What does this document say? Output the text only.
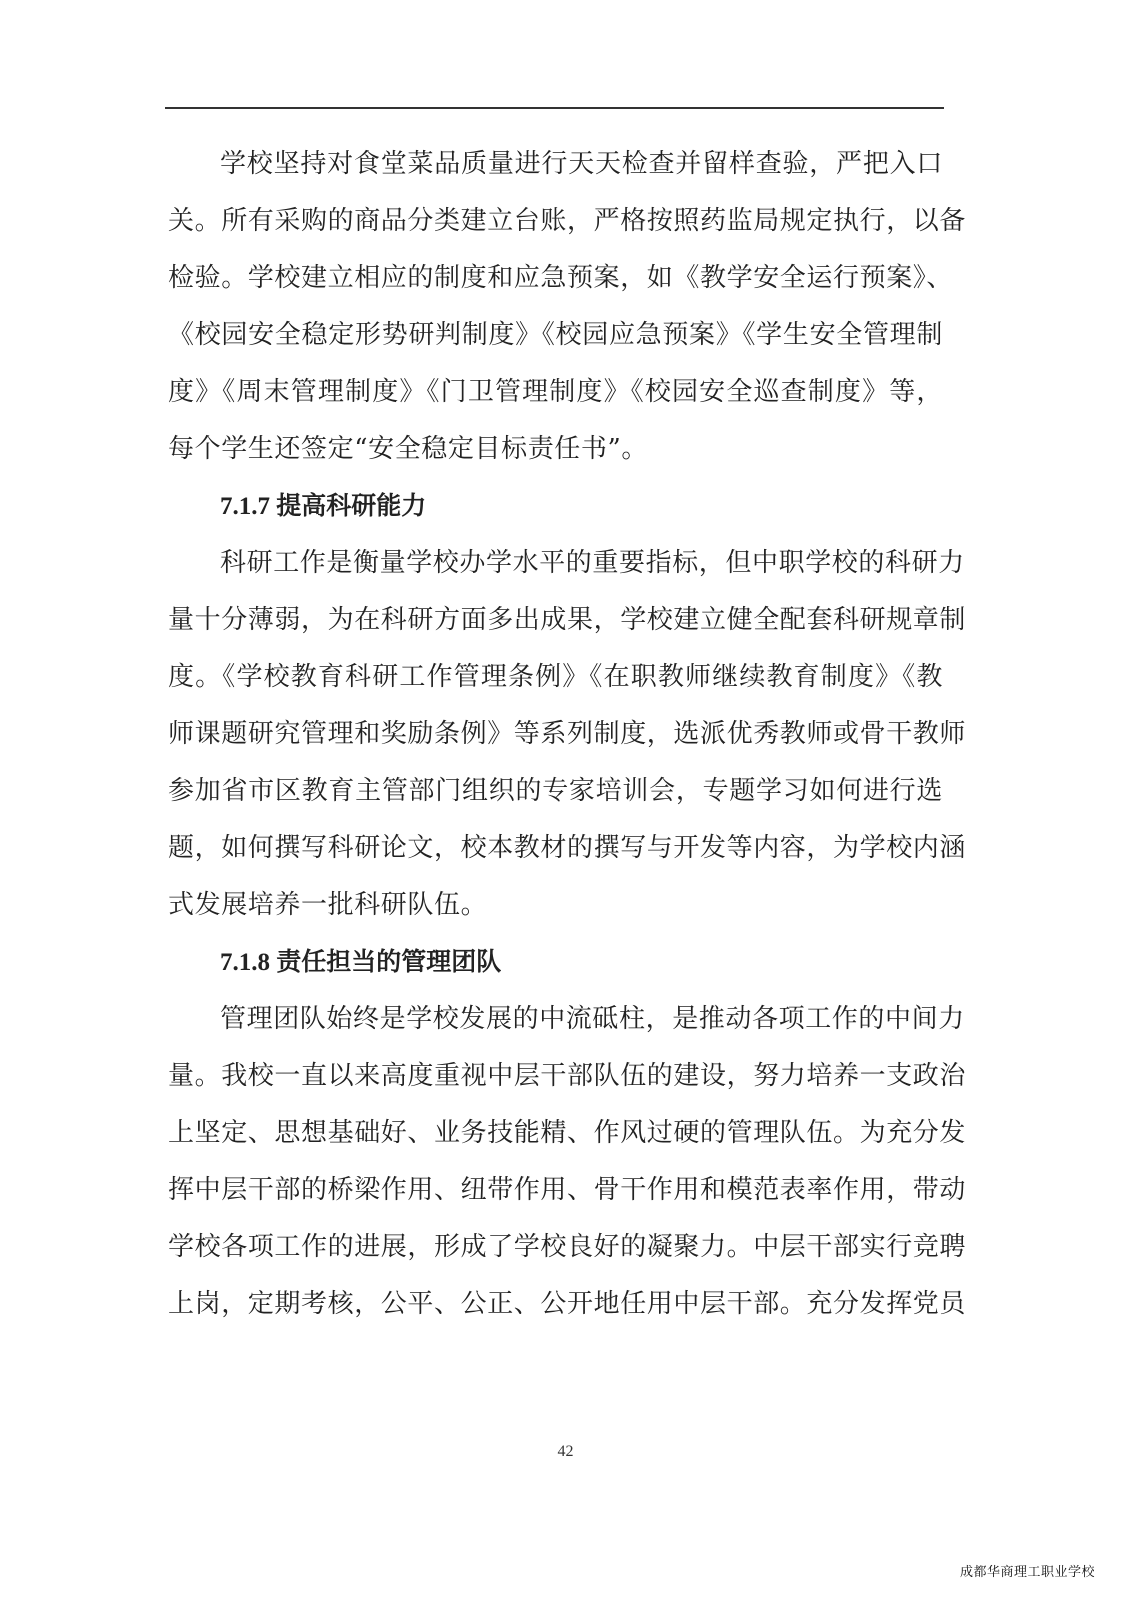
学校坚持对食堂菜品质量进行天天检查并留样查验，严把入口
关。所有采购的商品分类建立台账，严格按照药监局规定执行，以备
检验。学校建立相应的制度和应急预案，如《教学安全运行预案》、
《校园安全稳定形势研判制度》《校园应急预案》《学生安全管理制
度》《周末管理制度》《门卫管理制度》《校园安全巡查制度》等，
每个学生还签定“安全稳定目标责任书”。

7.1.7 提高科研能力

科研工作是衡量学校办学水平的重要指标，但中职学校的科研力
量十分薄弱，为在科研方面多出成果，学校建立健全配套科研规章制
度。《学校教育科研工作管理条例》《在职教师继续教育制度》《教
师课题研究管理和奖励条例》等系列制度，选派优秀教师或骨干教师
参加省市区教育主管部门组织的专家培训会，专题学习如何进行选
题，如何撰写科研论文，校本教材的撰写与开发等内容，为学校内涵
式发展培养一批科研队伍。

7.1.8 责任担当的管理团队

管理团队始终是学校发展的中流砥柱，是推动各项工作的中间力
量。我校一直以来高度重视中层干部队伍的建设，努力培养一支政治
上坚定、思想基础好、业务技能精、作风过硬的管理队伍。为充分发
挥中层干部的桥梁作用、纽带作用、骨干作用和模范表率作用，带动
学校各项工作的进展，形成了学校良好的凝聚力。中层干部实行竞聘
上岗，定期考核，公平、公正、公开地任用中层干部。充分发挥党员

42
成都华商理工职业学校
